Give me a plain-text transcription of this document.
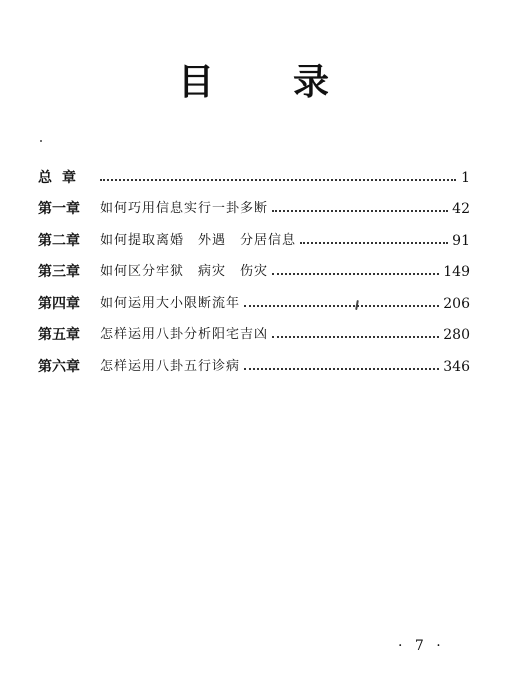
目 录
总章	1
第一章	如何巧用信息实行一卦多断	42
第二章	如何提取离婚　外遇　分居信息	91
第三章	如何区分牢狱　病灾　伤灾	149
第四章	如何运用大小限断流年	206
第五章	怎样运用八卦分析阳宅吉凶	280
第六章	怎样运用八卦五行诊病	346
· 7 ·
